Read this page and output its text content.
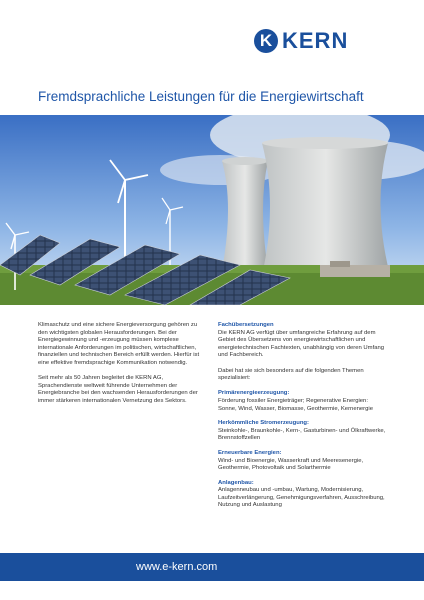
K KERN
Fremdsprachliche Leistungen für die Energiewirtschaft

Klimaschutz und eine sichere Energieversorgung gehören zu den wichtigsten globalen Herausforderungen. Bei der Energiegewinnung und -erzeugung müssen komplexe internationale Anforderungen im politischen, wirtschaftlichen, finanziellen und technischen Bereich erfüllt werden. Hierfür ist eine effektive fremdsprachige Kommunikation notwendig.

Seit mehr als 50 Jahren begleitet die KERN AG, Sprachendienste weltweit führende Unternehmen der Energiebranche bei den wachsenden Herausforderungen der immer stärkeren internationalen Vernetzung des Sektors.

Fachübersetzungen

Die KERN AG verfügt über umfangreiche Erfahrung auf dem Gebiet des Übersetzens von energiewirtschaftlichen und energietechnischen Fachtexten, unabhängig von deren Umfang und Fachbereich.

Dabei hat sie sich besonders auf die folgenden Themen spezialisiert:

Primärenergieerzeugung:
Förderung fossiler Energieträger; Regenerative Energien: Sonne, Wind, Wasser, Biomasse, Geothermie, Kernenergie
Herkömmliche Stromerzeugung:
Steinkohle-, Braunkohle-, Kern-, Gasturbinen- und Ölkraftwerke, Brennstoffzellen
Erneuerbare Energien:
Wind- und Bioenergie, Wasserkraft und Meeresenergie, Geothermie, Photovoltaik und Solarthermie
Anlagenbau:
Anlagenneubau und -umbau, Wartung, Modernisierung, Laufzeitverlängerung, Genehmigungsverfahren, Ausschreibung, Nutzung und Auslastung
www.e-kern.com
